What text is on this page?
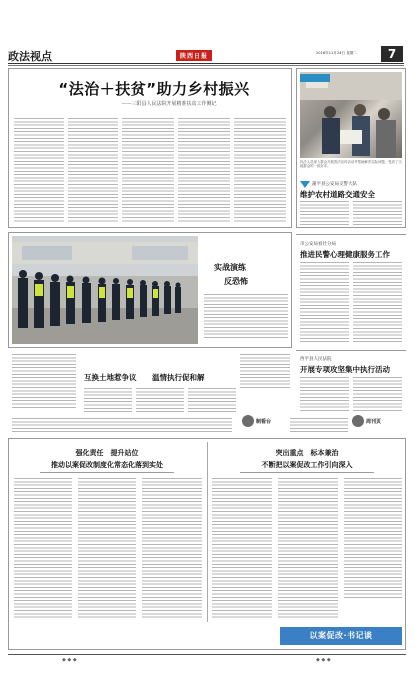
政法视点	陕西日报	2016年11月24日 星期二	7
“法治＋扶贫”助力乡村振兴
——三阳县人民法院开展精准扶贫工作侧记
执法人员深入群众开展普法宣传活动并帮助解决实际问题，受到了当地群众的一致好评。
蒲平县公安局交警大队
维护农村道路交通安全
实战演练
反恐怖
互换土地惹争议 温情执行促和解
市公安局看社分局
推进民警心理健康服务工作
西平县人民法院
开展专项攻坚集中执行活动
制看台	周刊页
强化责任　提升站位
推动以案促改制度化常态化落到实处
突出重点　标本兼治
不断把以案促改工作引向深入
以案促改·书记谈
◆ ◆ ◆	◆ ◆ ◆
